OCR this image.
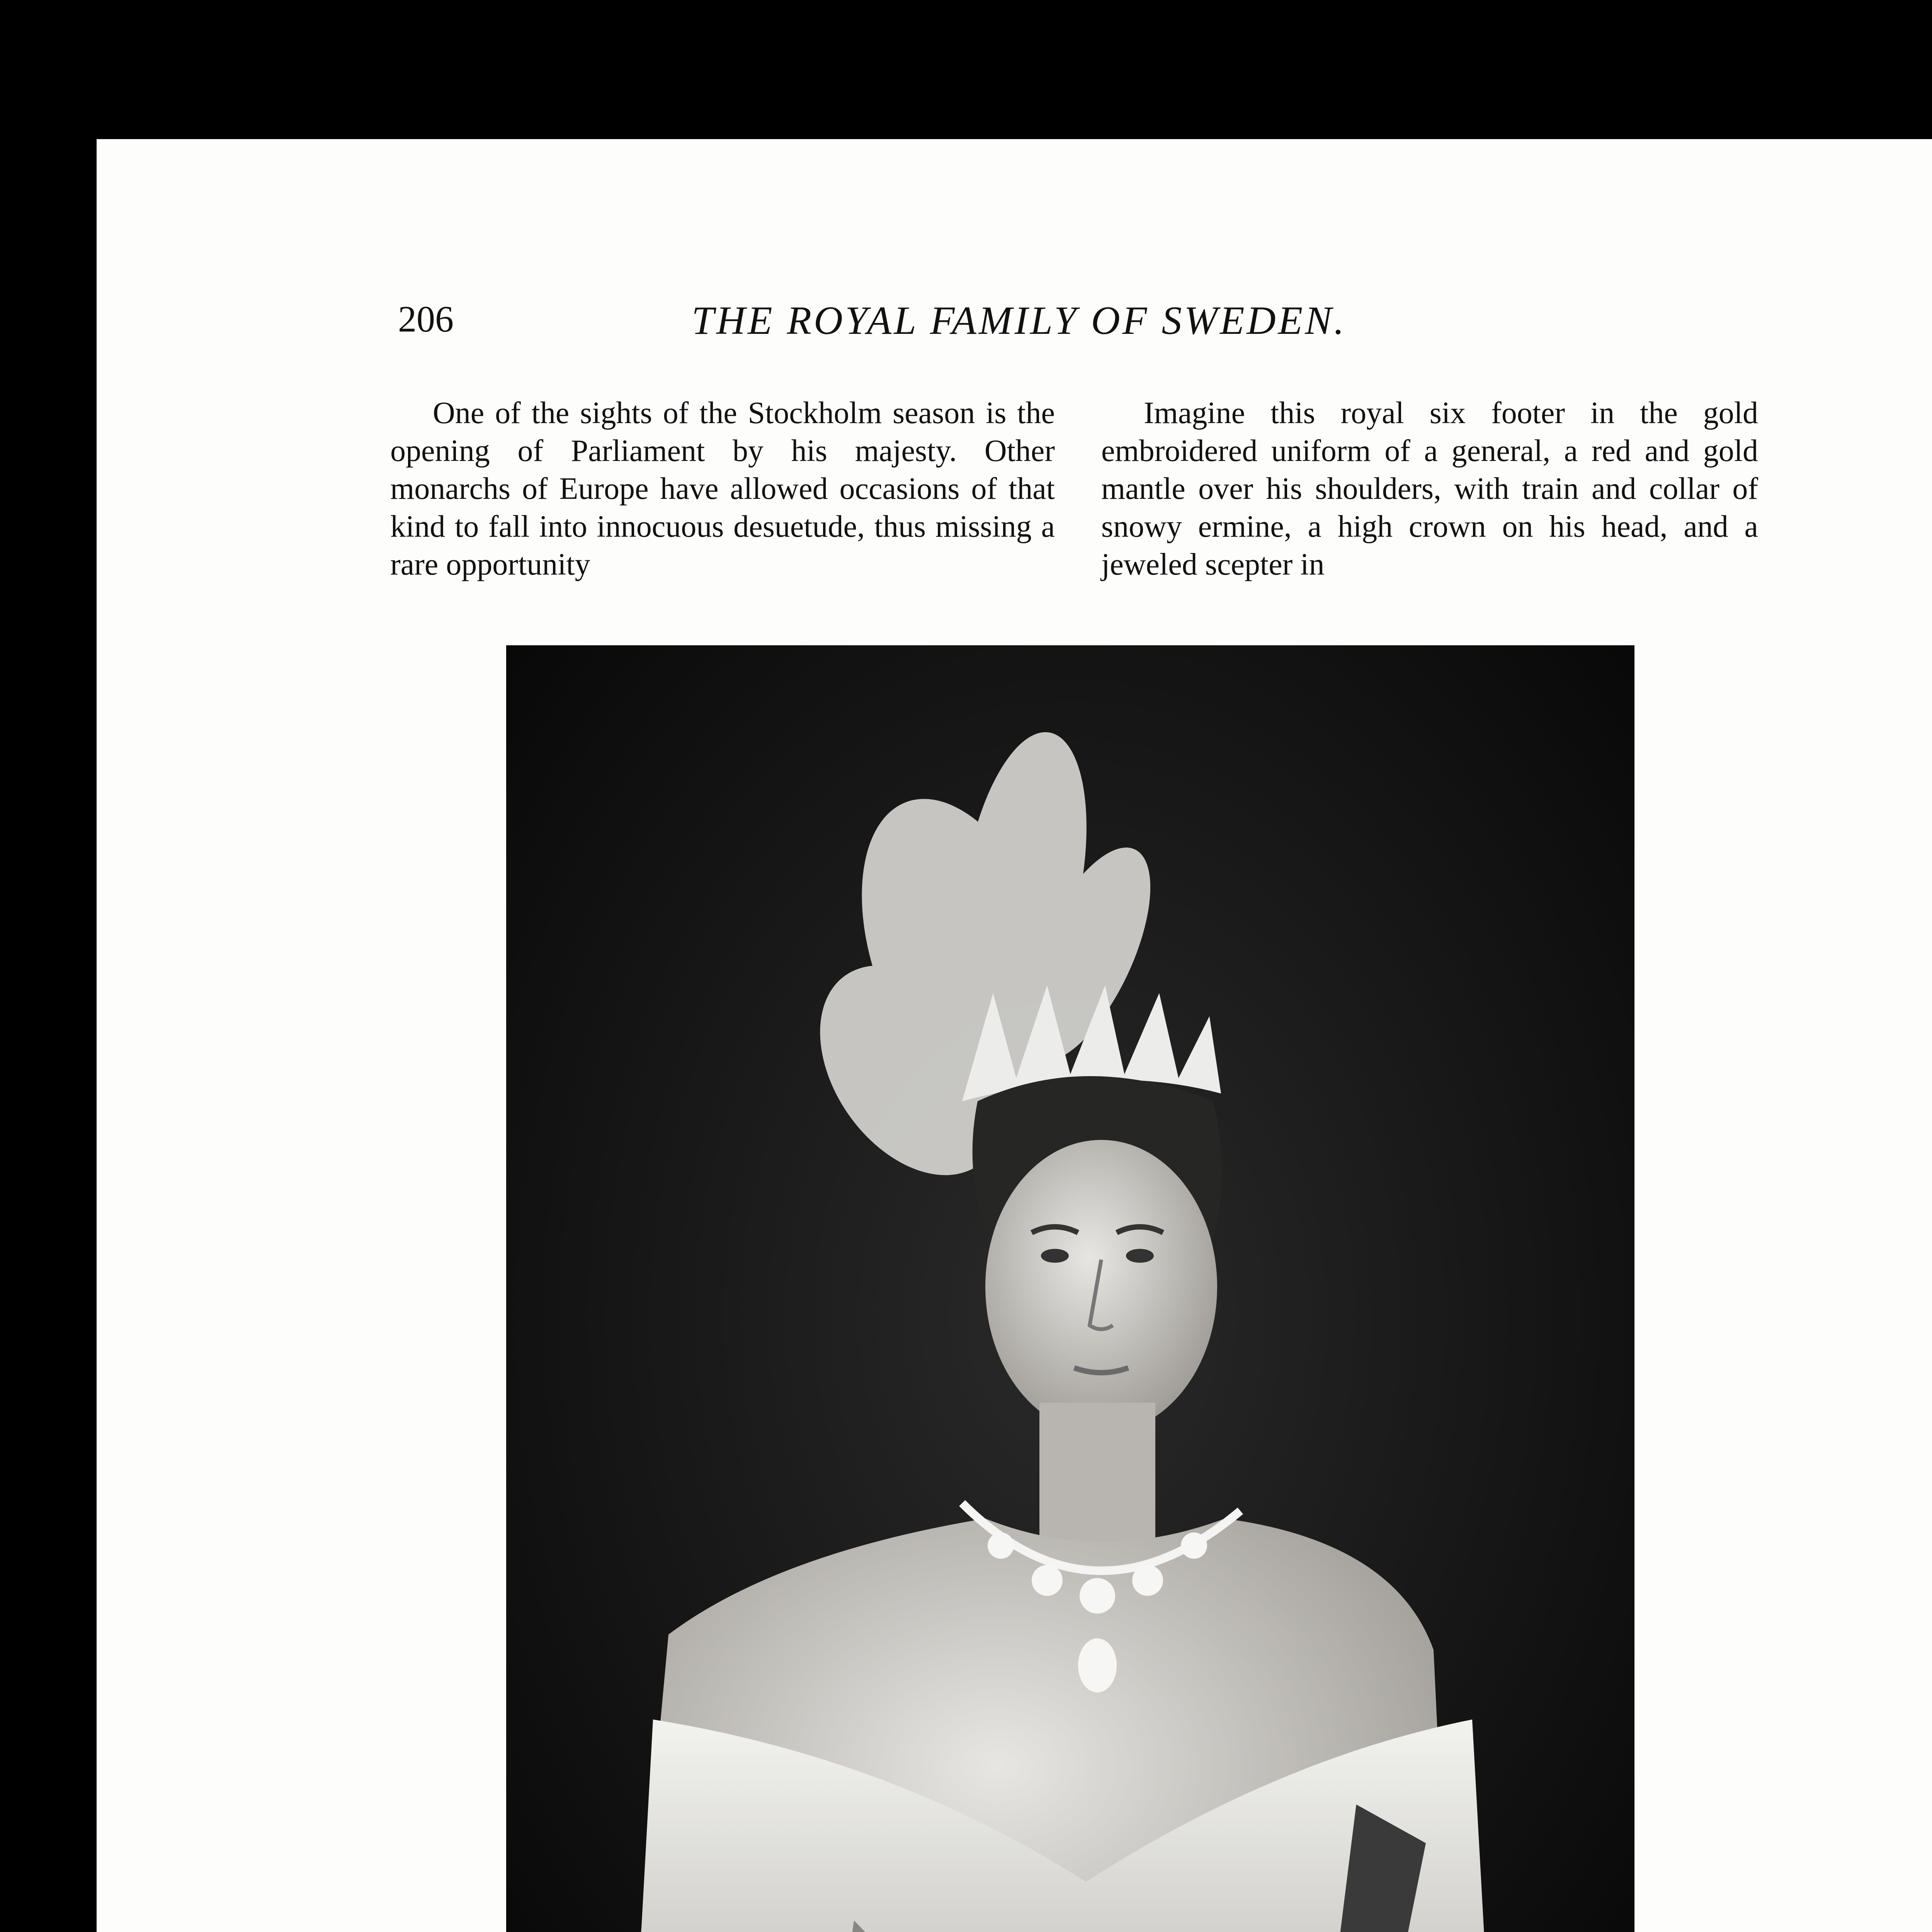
206	THE ROYAL FAMILY OF SWEDEN.

One of the sights of the Stockholm season is the opening of Parliament by his majesty. Other monarchs of Europe have allowed occasions of that kind to fall into innocuous desuetude, thus missing a rare opportunity

Imagine this royal six footer in the gold embroidered uniform of a general, a red and gold mantle over his shoulders, with train and collar of snowy ermine, a high crown on his head, and a jeweled scepter in
